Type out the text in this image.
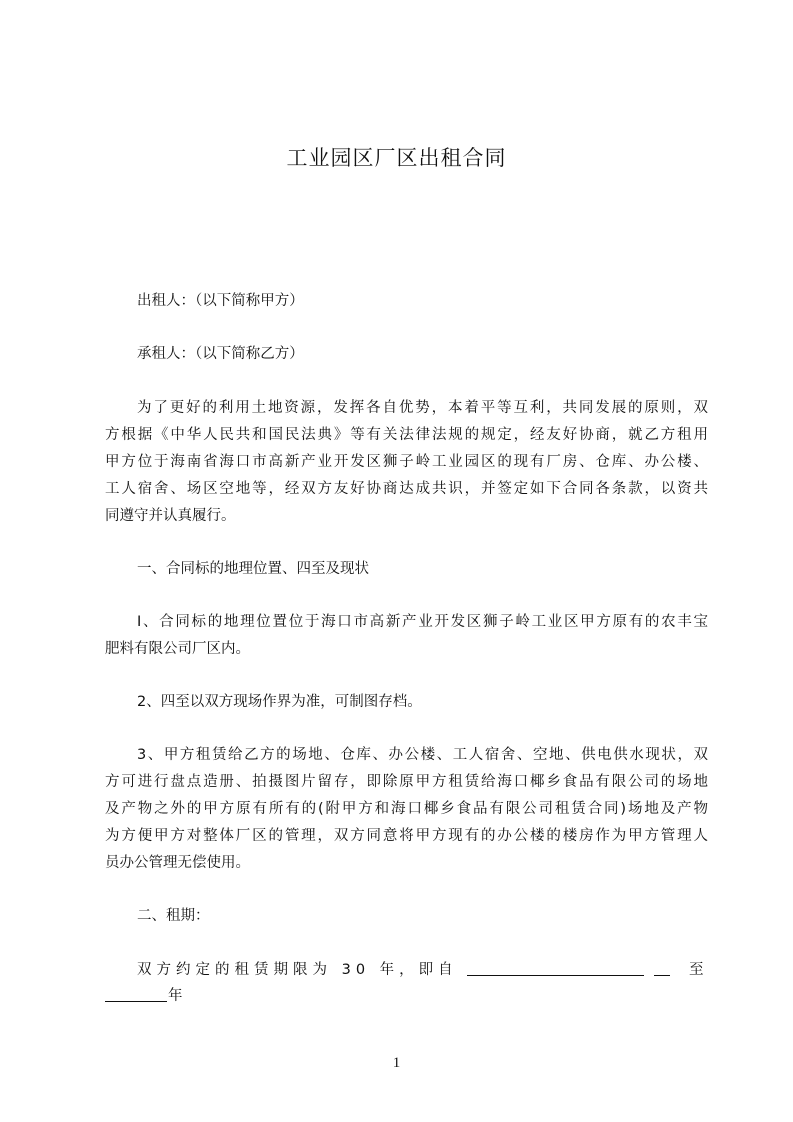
工业园区厂区出租合同
出租人：（以下简称甲方）
承租人：（以下简称乙方）
为了更好的利用土地资源，发挥各自优势，本着平等互利，共同发展的原则，双
方根据《中华人民共和国民法典》等有关法律法规的规定，经友好协商，就乙方租用
甲方位于海南省海口市高新产业开发区狮子岭工业园区的现有厂房、仓库、办公楼、
工人宿舍、场区空地等，经双方友好协商达成共识，并签定如下合同各条款，以资共
同遵守并认真履行。
一、合同标的地理位置、四至及现状
Ⅰ、合同标的地理位置位于海口市高新产业开发区狮子岭工业区甲方原有的农丰宝
肥料有限公司厂区内。
2、四至以双方现场作界为准，可制图存档。
3、甲方租赁给乙方的场地、仓库、办公楼、工人宿舍、空地、供电供水现状，双
方可进行盘点造册、拍摄图片留存，即除原甲方租赁给海口椰乡食品有限公司的场地
及产物之外的甲方原有所有的(附甲方和海口椰乡食品有限公司租赁合同)场地及产物
为方便甲方对整体厂区的管理，双方同意将甲方现有的办公楼的楼房作为甲方管理人
员办公管理无偿使用。
二、租期：
双方约定的租赁期限为 30 年，即自	至
年
1
